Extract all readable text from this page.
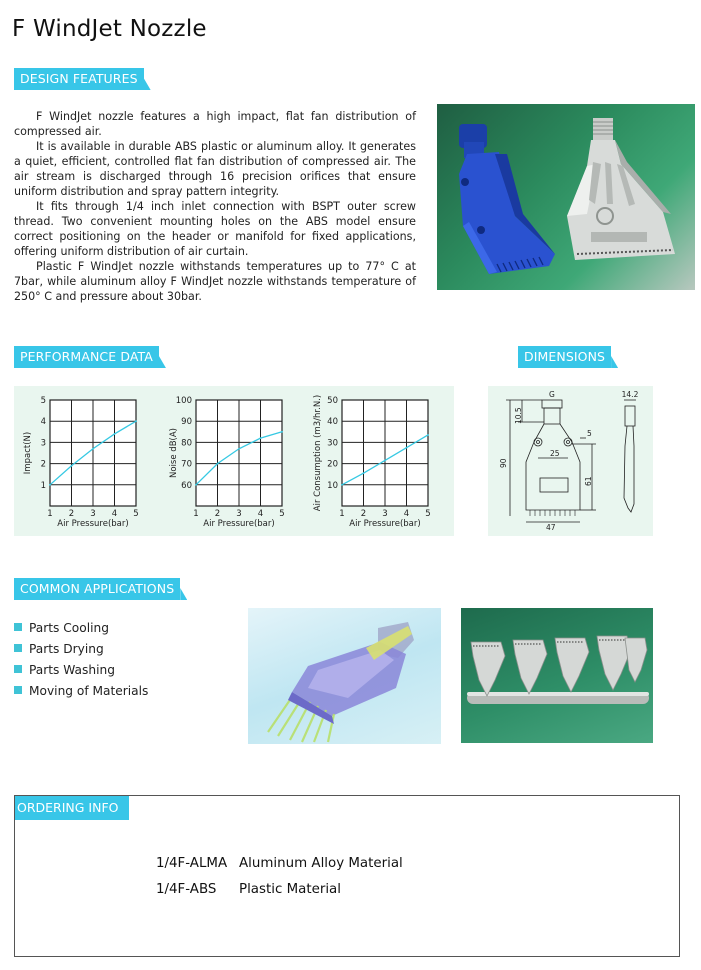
F WindJet Nozzle
DESIGN FEATURES

F WindJet nozzle features a high impact, flat fan distribution of compressed air.

It is available in durable ABS plastic or aluminum alloy. It generates a quiet, efficient, controlled flat fan distribution of compressed air. The air stream is discharged through 16 precision orifices that ensure uniform distribution and spray pattern integrity.

It fits through 1/4 inch inlet connection with BSPT outer screw thread. Two convenient mounting holes on the ABS model ensure correct positioning on the header or manifold for fixed applications, offering uniform distribution of air curtain.

Plastic F WindJet nozzle withstands temperatures up to 77° C at 7bar, while aluminum alloy F WindJet nozzle withstands temperature of 250° C and pressure about 30bar.

PERFORMANCE DATA	DIMENSIONS
1 2 3 4 5
1
2
3
4
5
Air Pressure(bar)
Impact(N)
1 2 3 4 5
60
70
80
90
100
Air Pressure(bar)
Noise dB(A)
1 2 3 4 5
10
20
30
40
50
Air Pressure(bar)
Air Consumption (m3/hr.N.)
G	14.2
10.5
90
25
5
61
47
COMMON APPLICATIONS
Parts Cooling
Parts Drying
Parts Washing
Moving of Materials
ORDERING INFO
1/4F-ALMA Aluminum Alloy Material
1/4F-ABS Plastic Material
